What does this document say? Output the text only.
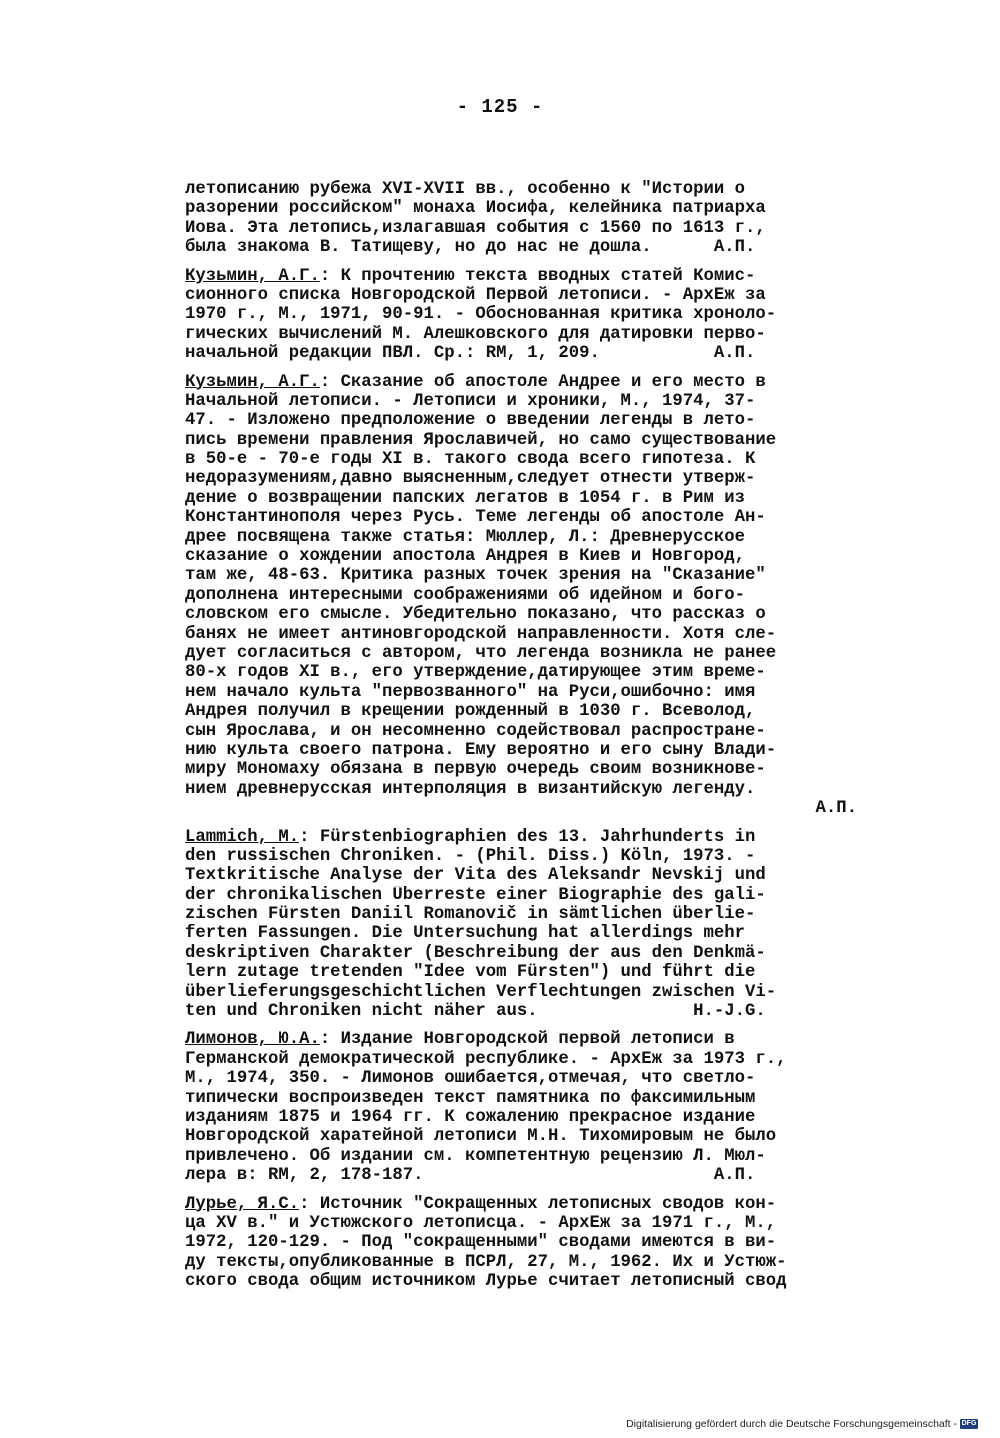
- 125 -
летописанию рубежа XVI-XVII вв., особенно к "Истории о
разорении российском" монаха Иосифа, келейника патриарха
Иова. Эта летопись,излагавшая события с 1560 по 1613 г.,
была знакома В. Татищеву, но до нас не дошла.      А.П.
Кузьмин, А.Г.: К прочтению текста вводных статей Комис-
сионного списка Новгородской Первой летописи. - АрхЕж за
1970 г., М., 1971, 90-91. - Обоснованная критика хроноло-
гических вычислений М. Алешковского для датировки перво-
начальной редакции ПВЛ. Ср.: RM, 1, 209.           А.П.
Кузьмин, А.Г.: Сказание об апостоле Андрее и его место в
Начальной летописи. - Летописи и хроники, М., 1974, 37-
47. - Изложено предположение о введении легенды в лето-
пись времени правления Ярославичей, но само существование
в 50-е - 70-е годы XI в. такого свода всего гипотеза. К
недоразумениям,давно выясненным,следует отнести утверж-
дение о возвращении папских легатов в 1054 г. в Рим из
Константинополя через Русь. Теме легенды об апостоле Ан-
дрее посвящена также статья: Мюллер, Л.: Древнерусское
сказание о хождении апостола Андрея в Киев и Новгород,
там же, 48-63. Критика разных точек зрения на "Сказание"
дополнена интересными соображениями об идейном и бого-
словском его смысле. Убедительно показано, что рассказ о
банях не имеет антиновгородской направленности. Хотя сле-
дует согласиться с автором, что легенда возникла не ранее
80-х годов XI в., его утверждение,датирующее этим време-
нем начало культа "первозванного" на Руси,ошибочно: имя
Андрея получил в крещении рожденный в 1030 г. Всеволод,
сын Ярослава, и он несомненно содействовал распростране-
нию культа своего патрона. Ему вероятно и его сыну Влади-
миру Мономаху обязана в первую очередь своим возникнове-
нием древнерусская интерполяция в византийскую легенду.
А.П.
Lammich, M.: Fürstenbiographien des 13. Jahrhunderts in
den russischen Chroniken. - (Phil. Diss.) Köln, 1973. -
Textkritische Analyse der Vita des Aleksandr Nevskij und
der chronikalischen Überreste einer Biographie des gali-
zischen Fürsten Daniil Romanovič in sämtlichen überlie-
ferten Fassungen. Die Untersuchung hat allerdings mehr
deskriptiven Charakter (Beschreibung der aus den Denkmä-
lern zutage tretenden "Idee vom Fürsten") und führt die
überlieferungsgeschichtlichen Verflechtungen zwischen Vi-
ten und Chroniken nicht näher aus.               H.-J.G.
Лимонов, Ю.А.: Издание Новгородской первой летописи в
Германской демократической республике. - АрхЕж за 1973 г.,
М., 1974, 350. - Лимонов ошибается,отмечая, что светло-
типически воспроизведен текст памятника по факсимильным
изданиям 1875 и 1964 гг. К сожалению прекрасное издание
Новгородской харатейной летописи М.Н. Тихомировым не было
привлечено. Об издании см. компетентную рецензию Л. Мюл-
лера в: RM, 2, 178-187.                            А.П.
Лурье, Я.С.: Источник "Сокращенных летописных сводов кон-
ца XV в." и Устюжского летописца. - АрхЕж за 1971 г., М.,
1972, 120-129. - Под "сокращенными" сводами имеются в ви-
ду тексты,опубликованные в ПСРЛ, 27, М., 1962. Их и Устюж-
ского свода общим источником Лурье считает летописный свод
Digitalisierung gefördert durch die Deutsche Forschungsgemeinschaft - DFG
